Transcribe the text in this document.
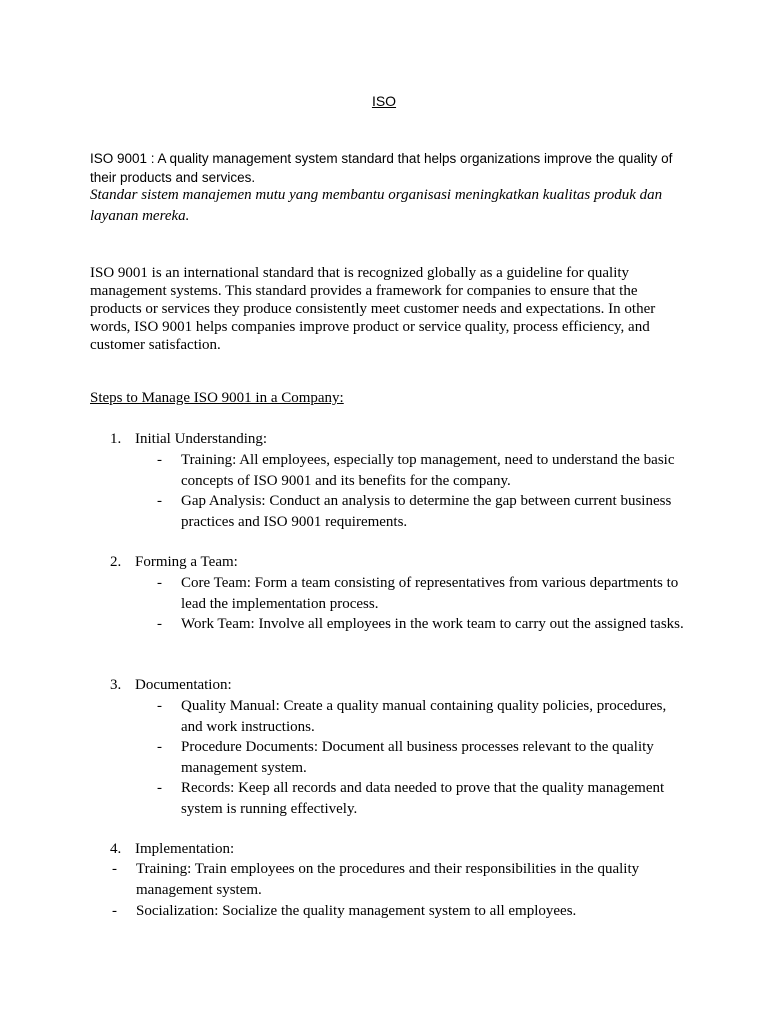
ISO
ISO 9001 : A quality management system standard that helps organizations improve the quality of their products and services.
Standar sistem manajemen mutu yang membantu organisasi meningkatkan kualitas produk dan layanan mereka.
ISO 9001 is an international standard that is recognized globally as a guideline for quality management systems. This standard provides a framework for companies to ensure that the products or services they produce consistently meet customer needs and expectations. In other words, ISO 9001 helps companies improve product or service quality, process efficiency, and customer satisfaction.
Steps to Manage ISO 9001 in a Company:
1. Initial Understanding:
- Training: All employees, especially top management, need to understand the basic concepts of ISO 9001 and its benefits for the company.
- Gap Analysis: Conduct an analysis to determine the gap between current business practices and ISO 9001 requirements.
2. Forming a Team:
- Core Team: Form a team consisting of representatives from various departments to lead the implementation process.
- Work Team: Involve all employees in the work team to carry out the assigned tasks.
3. Documentation:
- Quality Manual: Create a quality manual containing quality policies, procedures, and work instructions.
- Procedure Documents: Document all business processes relevant to the quality management system.
- Records: Keep all records and data needed to prove that the quality management system is running effectively.
4. Implementation:
- Training: Train employees on the procedures and their responsibilities in the quality management system.
- Socialization: Socialize the quality management system to all employees.
